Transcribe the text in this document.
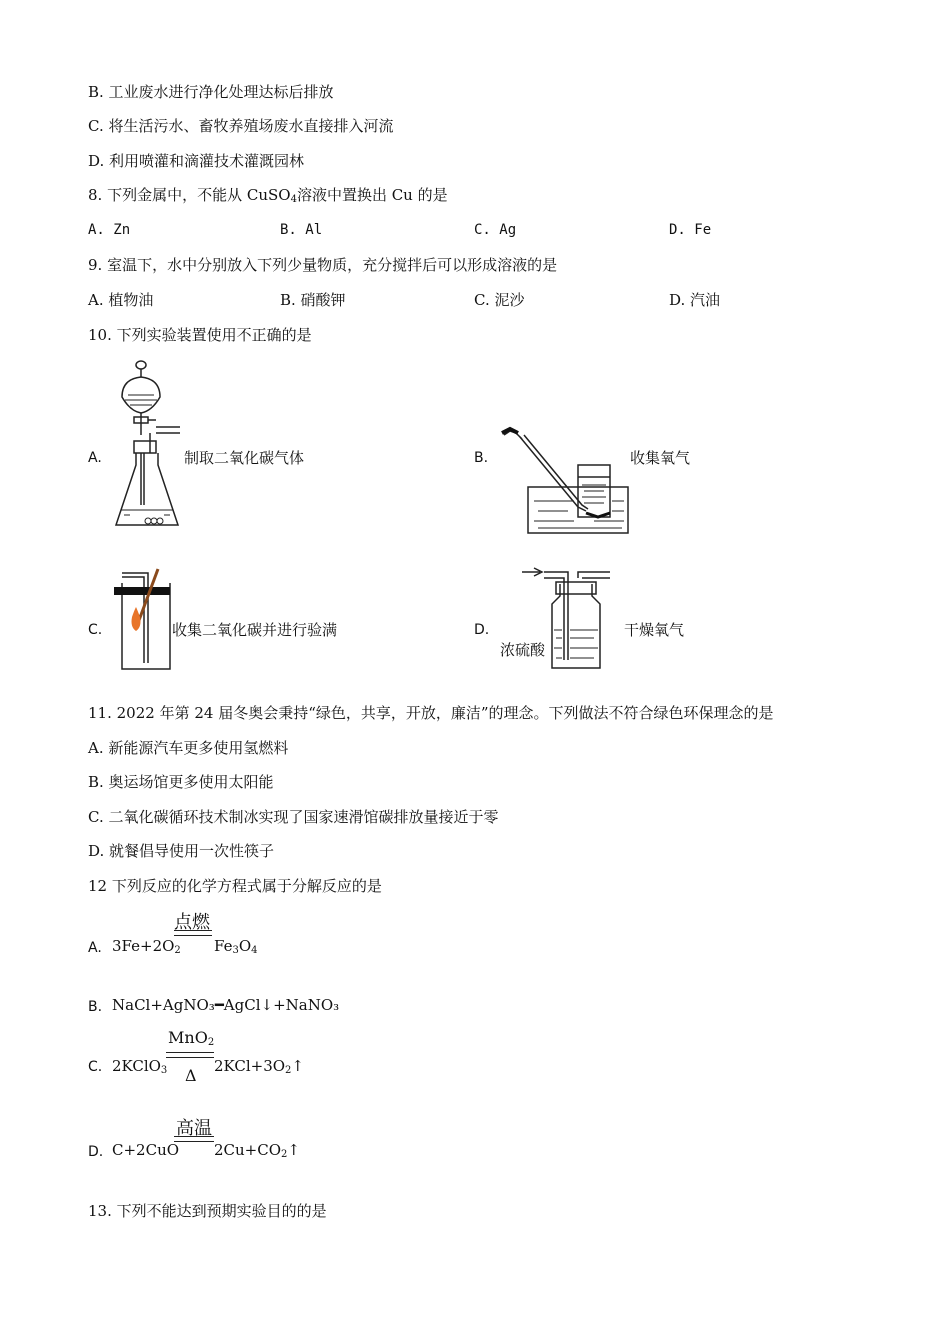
B. 工业废水进行净化处理达标后排放
C. 将生活污水、畜牧养殖场废水直接排入河流
D. 利用喷灌和滴灌技术灌溉园林
8. 下列金属中，不能从 CuSO$_4$溶液中置换出 Cu 的是
A. Zn	B. Al	C. Ag	D. Fe
9. 室温下，水中分别放入下列少量物质，充分搅拌后可以形成溶液的是
A. 植物油	B. 硝酸钾	C. 泥沙	D. 汽油
10. 下列实验装置使用不正确的是
A.	制取二氧化碳气体	B.	收集氧气
C.	收集二氧化碳并进行验满	D.
浓硫酸
干燥氧气
11. 2022 年第 24 届冬奥会秉持“绿色，共享，开放，廉洁”的理念。下列做法不符合绿色环保理念的是
A. 新能源汽车更多使用氢燃料
B. 奥运场馆更多使用太阳能
C. 二氧化碳循环技术制冰实现了国家速滑馆碳排放量接近于零
D. 就餐倡导使用一次性筷子
12 下列反应的化学方程式属于分解反应的是
A. $3Fe+2O_2$
点燃
$Fe_3O_4$
B. NaCl+AgNO₃━AgCl↓+NaNO₃
C. 2KClO$_3$
MnO$_2$
Δ $2KCl+3O_2↑$
D. C+2CuO
高温
$2Cu+CO_2↑$
13. 下列不能达到预期实验目的的是
